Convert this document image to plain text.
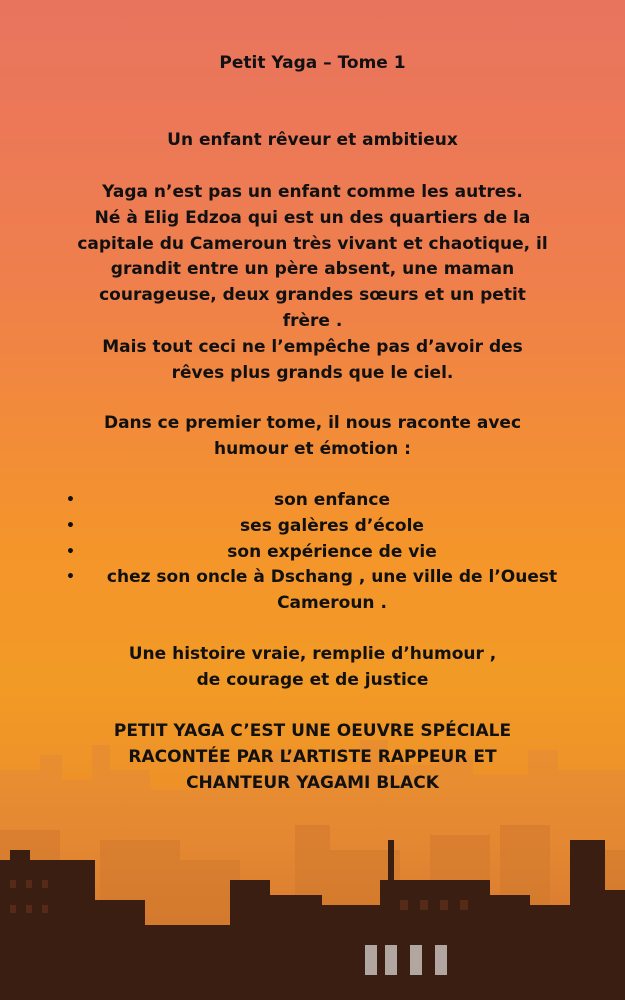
Petit Yaga – Tome 1
Un enfant rêveur et ambitieux
Yaga n’est pas un enfant comme les autres.
Né à Elig Edzoa qui est un des quartiers de la
capitale du Cameroun très vivant et chaotique, il
grandit entre un père absent, une maman
courageuse, deux grandes sœurs et un petit
frère .
Mais tout ceci ne l’empêche pas d’avoir des
rêves plus grands que le ciel.
Dans ce premier tome, il nous raconte avec
humour et émotion :
•	son enfance
•	ses galères d’école
•	son expérience de vie
• chez son oncle à Dschang , une ville de l’Ouest Cameroun .
Une histoire vraie, remplie d’humour ,
de courage et de justice
PETIT YAGA C’EST UNE OEUVRE SPÉCIALE
RACONTÉE PAR L’ARTISTE RAPPEUR ET
CHANTEUR YAGAMI BLACK
